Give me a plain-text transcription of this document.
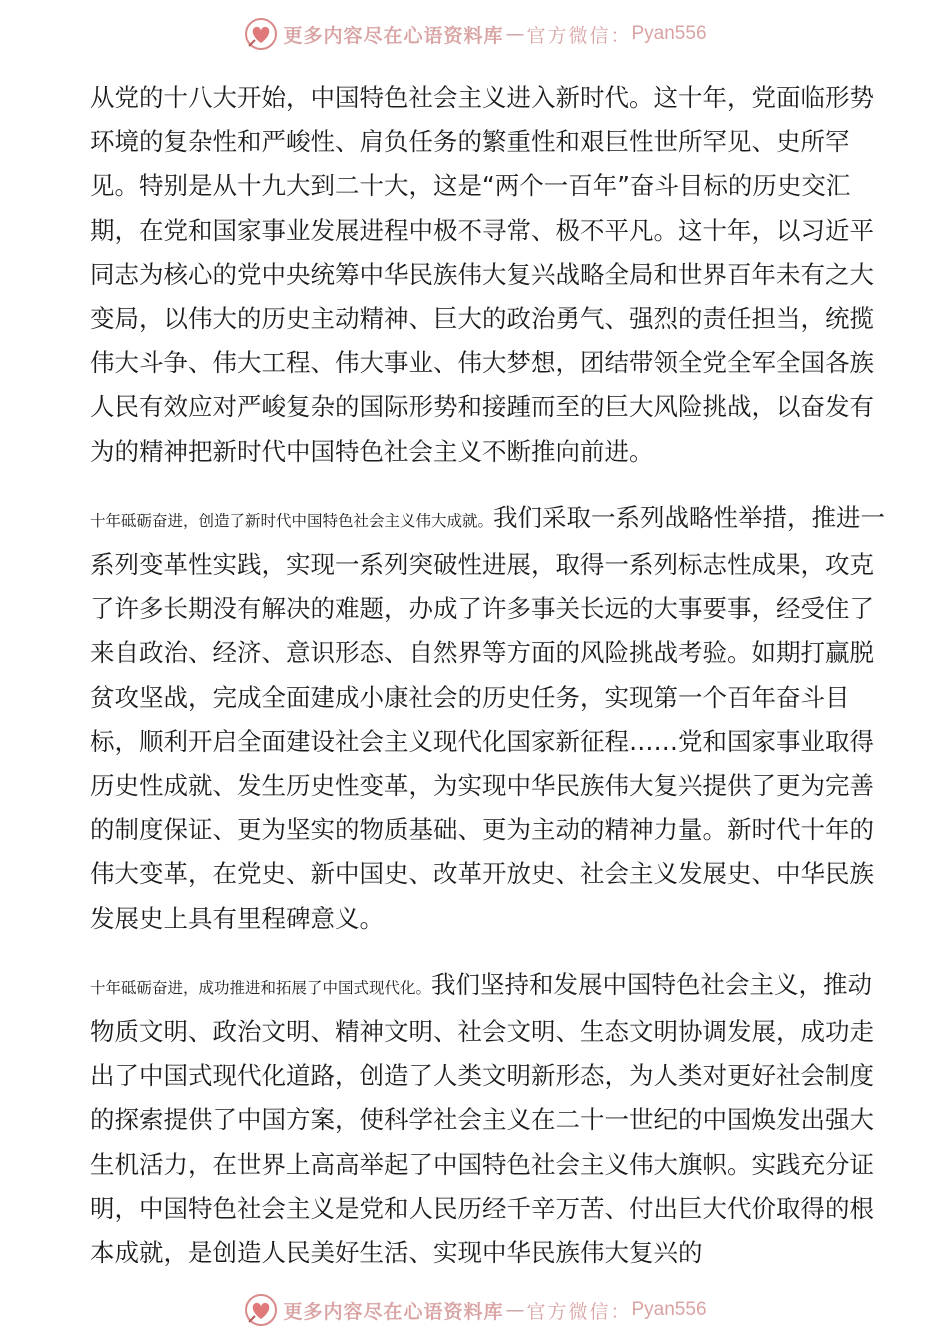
更多内容尽在心语资料库 — 官方微信： Pyan556

从党的十八大开始，中国特色社会主义进入新时代。这十年，党面临形势环境的复杂性和严峻性、肩负任务的繁重性和艰巨性世所罕见、史所罕见。特别是从十九大到二十大，这是“两个一百年”奋斗目标的历史交汇期，在党和国家事业发展进程中极不寻常、极不平凡。这十年，以习近平同志为核心的党中央统筹中华民族伟大复兴战略全局和世界百年未有之大变局，以伟大的历史主动精神、巨大的政治勇气、强烈的责任担当，统揽伟大斗争、伟大工程、伟大事业、伟大梦想，团结带领全党全军全国各族人民有效应对严峻复杂的国际形势和接踵而至的巨大风险挑战，以奋发有为的精神把新时代中国特色社会主义不断推向前进。

十年砥砺奋进，创造了新时代中国特色社会主义伟大成就。我们采取一系列战略性举措，推进一系列变革性实践，实现一系列突破性进展，取得一系列标志性成果，攻克了许多长期没有解决的难题，办成了许多事关长远的大事要事，经受住了来自政治、经济、意识形态、自然界等方面的风险挑战考验。如期打赢脱贫攻坚战，完成全面建成小康社会的历史任务，实现第一个百年奋斗目标，顺利开启全面建设社会主义现代化国家新征程……党和国家事业取得历史性成就、发生历史性变革，为实现中华民族伟大复兴提供了更为完善的制度保证、更为坚实的物质基础、更为主动的精神力量。新时代十年的伟大变革，在党史、新中国史、改革开放史、社会主义发展史、中华民族发展史上具有里程碑意义。

十年砥砺奋进，成功推进和拓展了中国式现代化。我们坚持和发展中国特色社会主义，推动物质文明、政治文明、精神文明、社会文明、生态文明协调发展，成功走出了中国式现代化道路，创造了人类文明新形态，为人类对更好社会制度的探索提供了中国方案，使科学社会主义在二十一世纪的中国焕发出强大生机活力，在世界上高高举起了中国特色社会主义伟大旗帜。实践充分证明，中国特色社会主义是党和人民历经千辛万苦、付出巨大代价取得的根本成就，是创造人民美好生活、实现中华民族伟大复兴的

更多内容尽在心语资料库 — 官方微信： Pyan556
